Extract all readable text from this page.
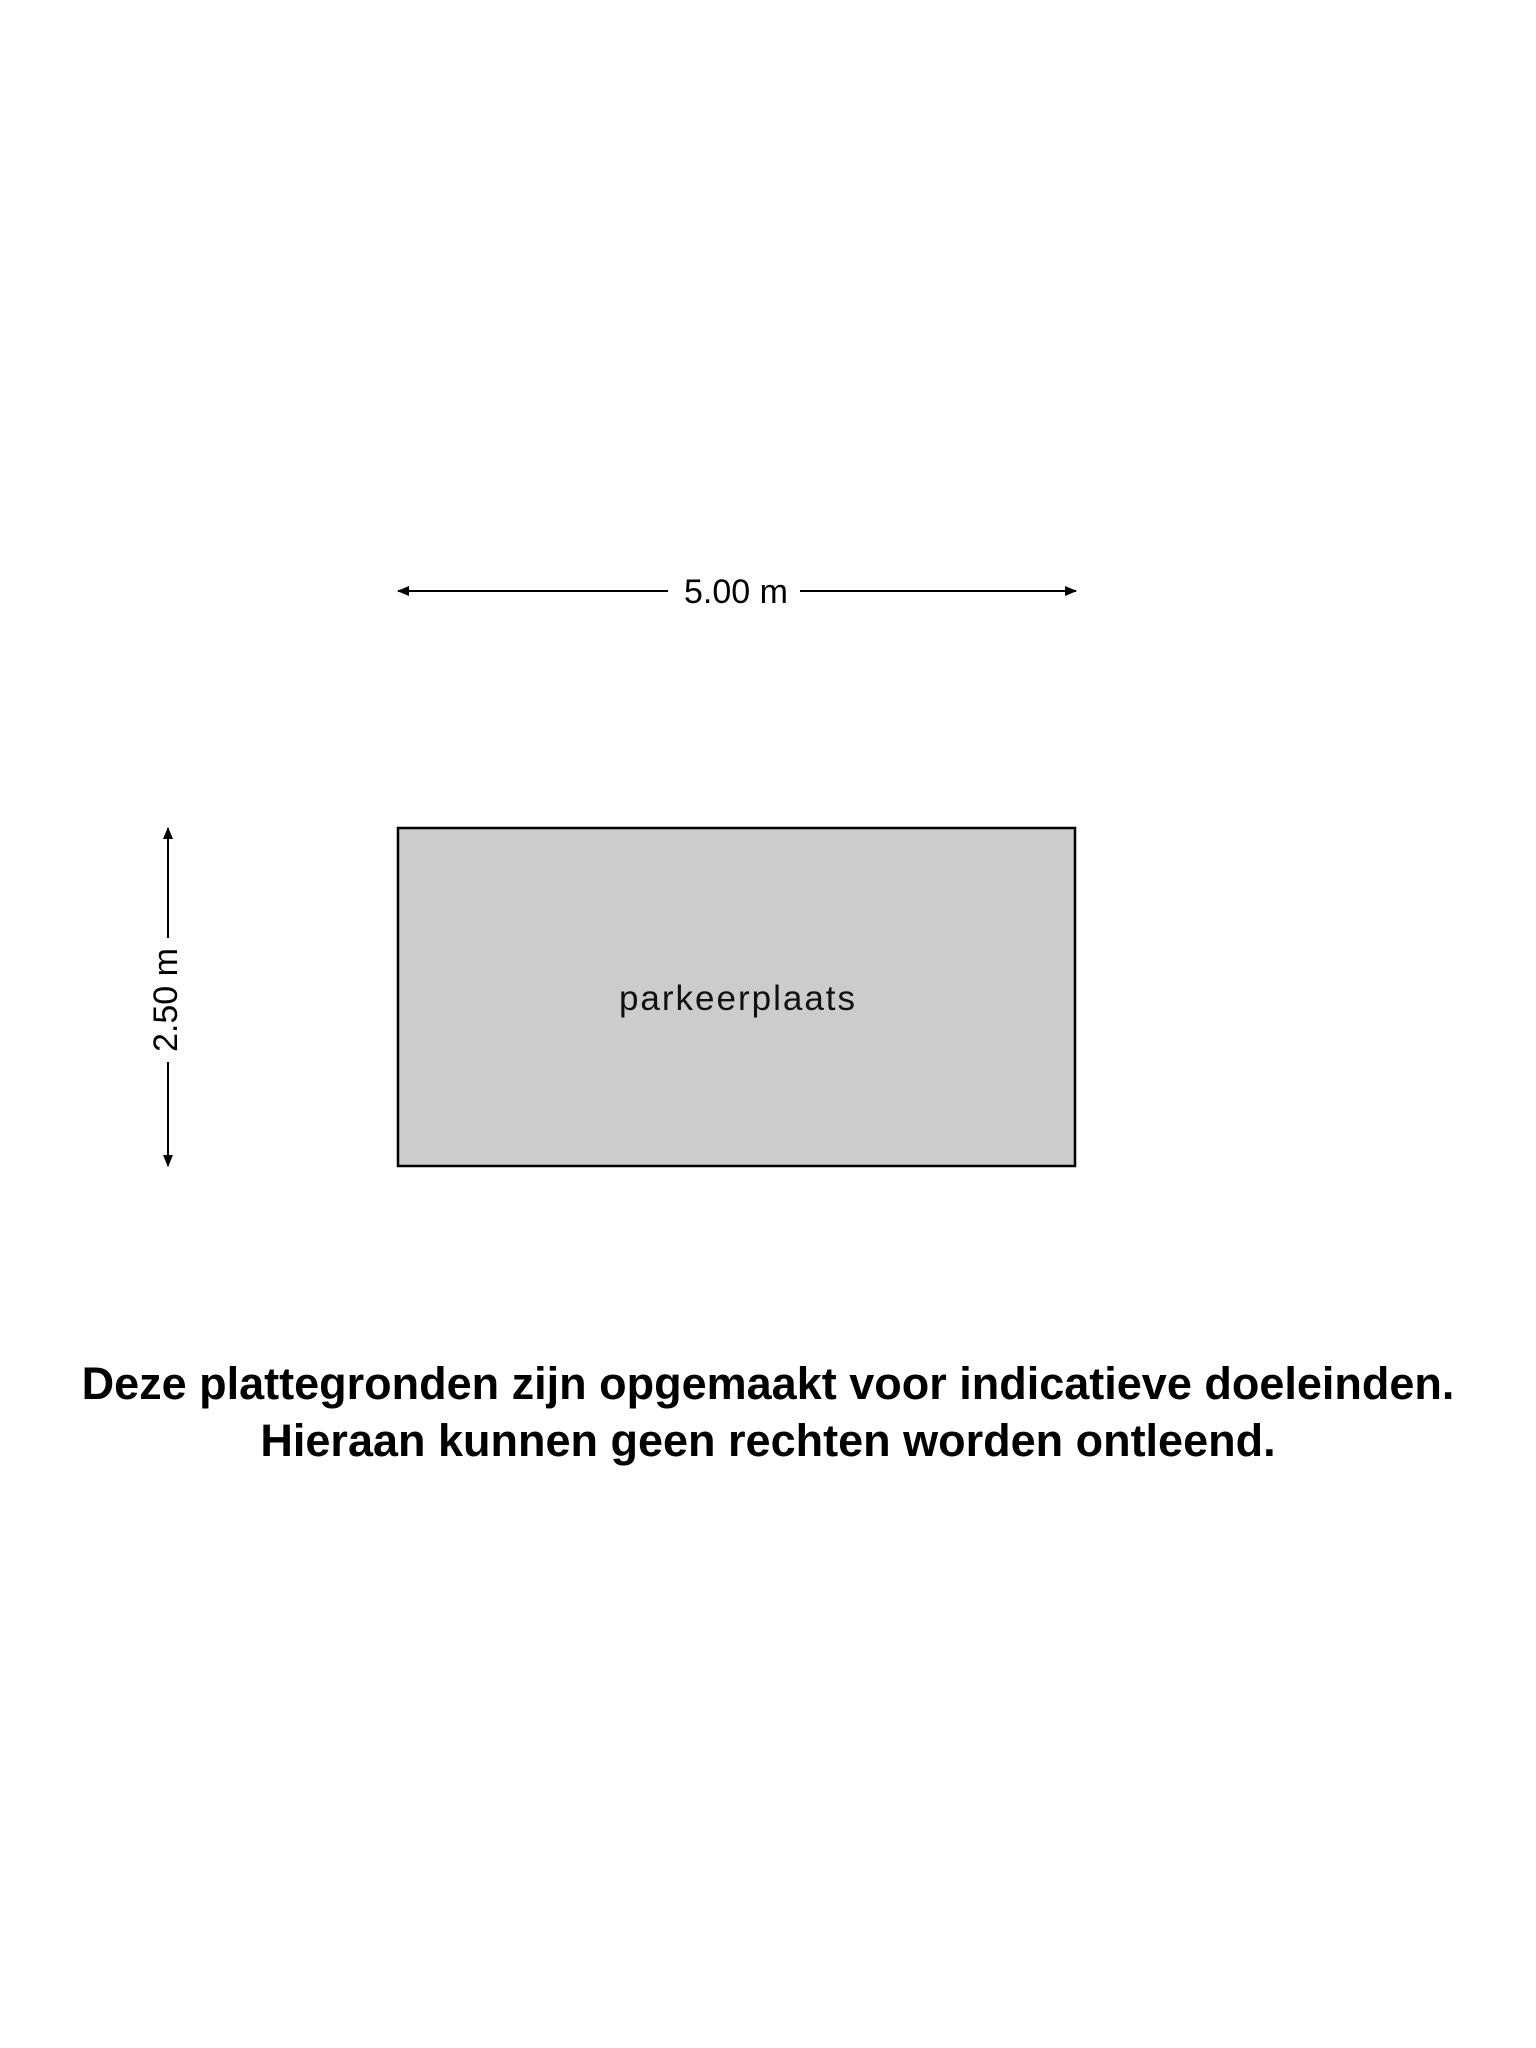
5.00 m
2.50 m	parkeerplaats
Deze plattegronden zijn opgemaakt voor indicatieve doeleinden.
Hieraan kunnen geen rechten worden ontleend.
